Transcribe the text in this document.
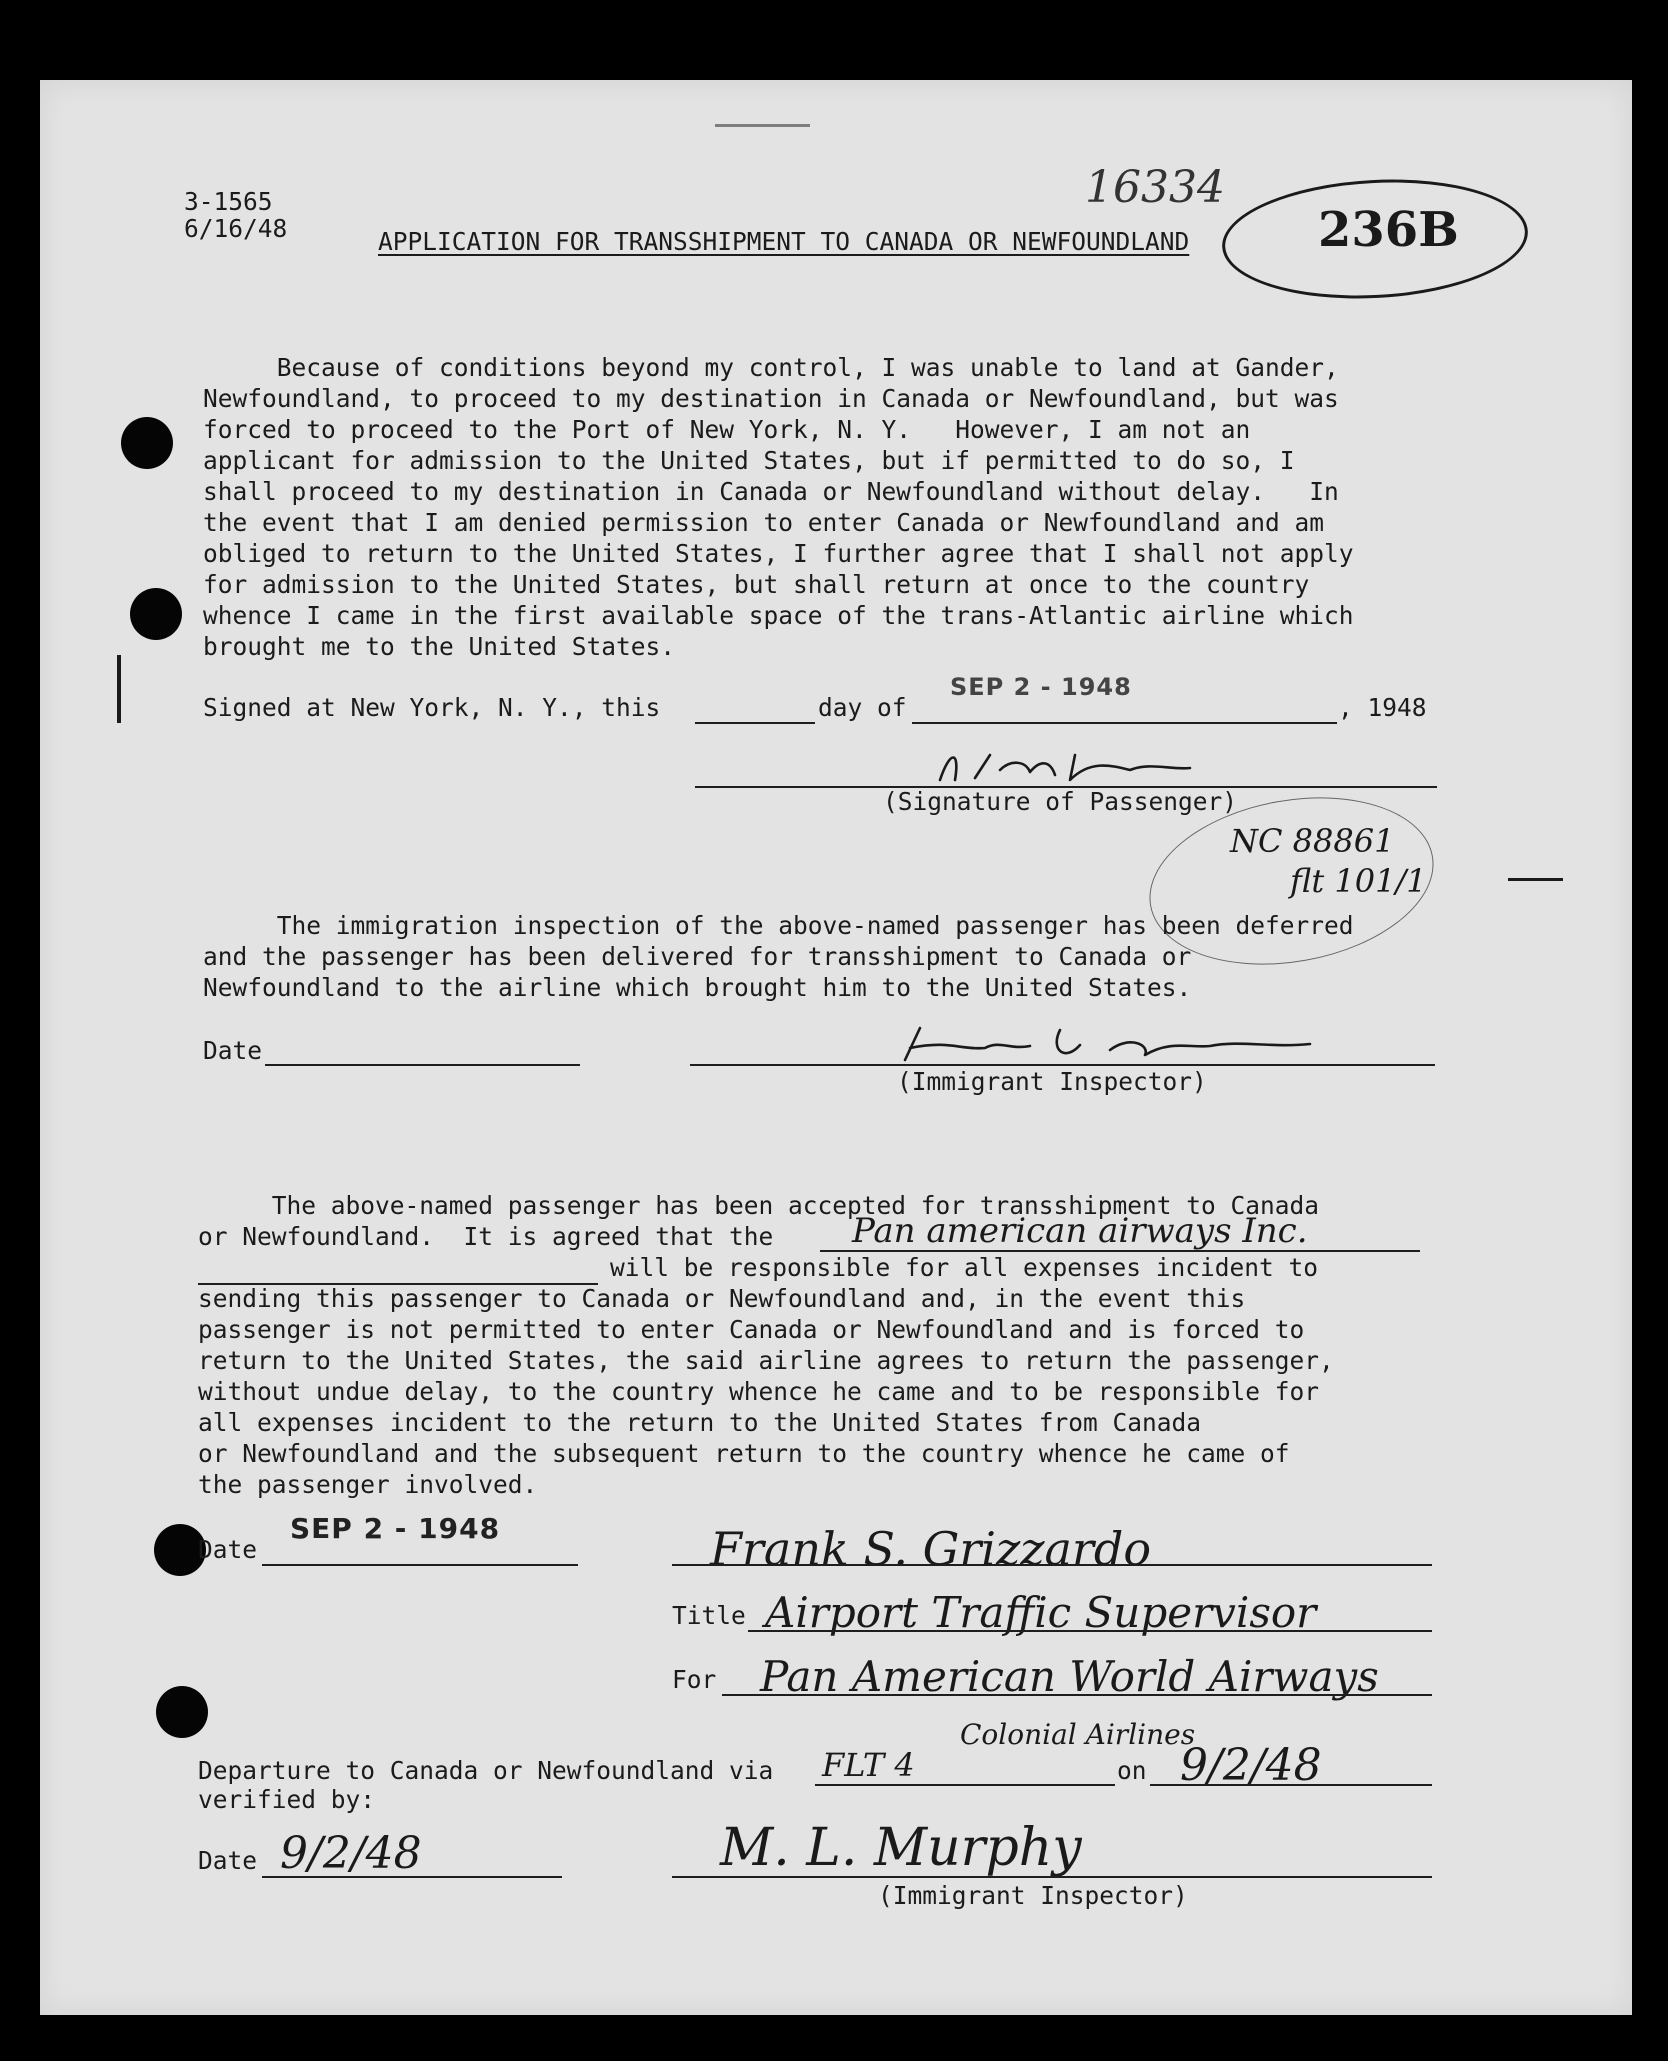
3-1565
6/16/48	APPLICATION FOR TRANSSHIPMENT TO CANADA OR NEWFOUNDLAND
16334
236B
Because of conditions beyond my control, I was unable to land at Gander,
Newfoundland, to proceed to my destination in Canada or Newfoundland, but was
forced to proceed to the Port of New York, N. Y.   However, I am not an
applicant for admission to the United States, but if permitted to do so, I
shall proceed to my destination in Canada or Newfoundland without delay.   In
the event that I am denied permission to enter Canada or Newfoundland and am
obliged to return to the United States, I further agree that I shall not apply
for admission to the United States, but shall return at once to the country
whence I came in the first available space of the trans-Atlantic airline which
brought me to the United States.
Signed at New York, N. Y., this	day of
SEP 2 - 1948
, 1948
(Signature of Passenger)
NC 88861
flt 101/1
The immigration inspection of the above-named passenger has been deferred
and the passenger has been delivered for transshipment to Canada or
Newfoundland to the airline which brought him to the United States.
Date
(Immigrant Inspector)
The above-named passenger has been accepted for transshipment to Canada
or Newfoundland.  It is agreed that the Pan american airways Inc.
will be responsible for all expenses incident to
sending this passenger to Canada or Newfoundland and, in the event this
passenger is not permitted to enter Canada or Newfoundland and is forced to
return to the United States, the said airline agrees to return the passenger,
without undue delay, to the country whence he came and to be responsible for
all expenses incident to the return to the United States from Canada
or Newfoundland and the subsequent return to the country whence he came of
the passenger involved.
Date
SEP 2 - 1948	Frank S. Grizzardo
Title Airport Traffic Supervisor
For Pan American World Airways
Colonial Airlines
Departure to Canada or Newfoundland via FLT 4	on 9/2/48
verified by:
Date 9/2/48	M. L. Murphy
(Immigrant Inspector)
